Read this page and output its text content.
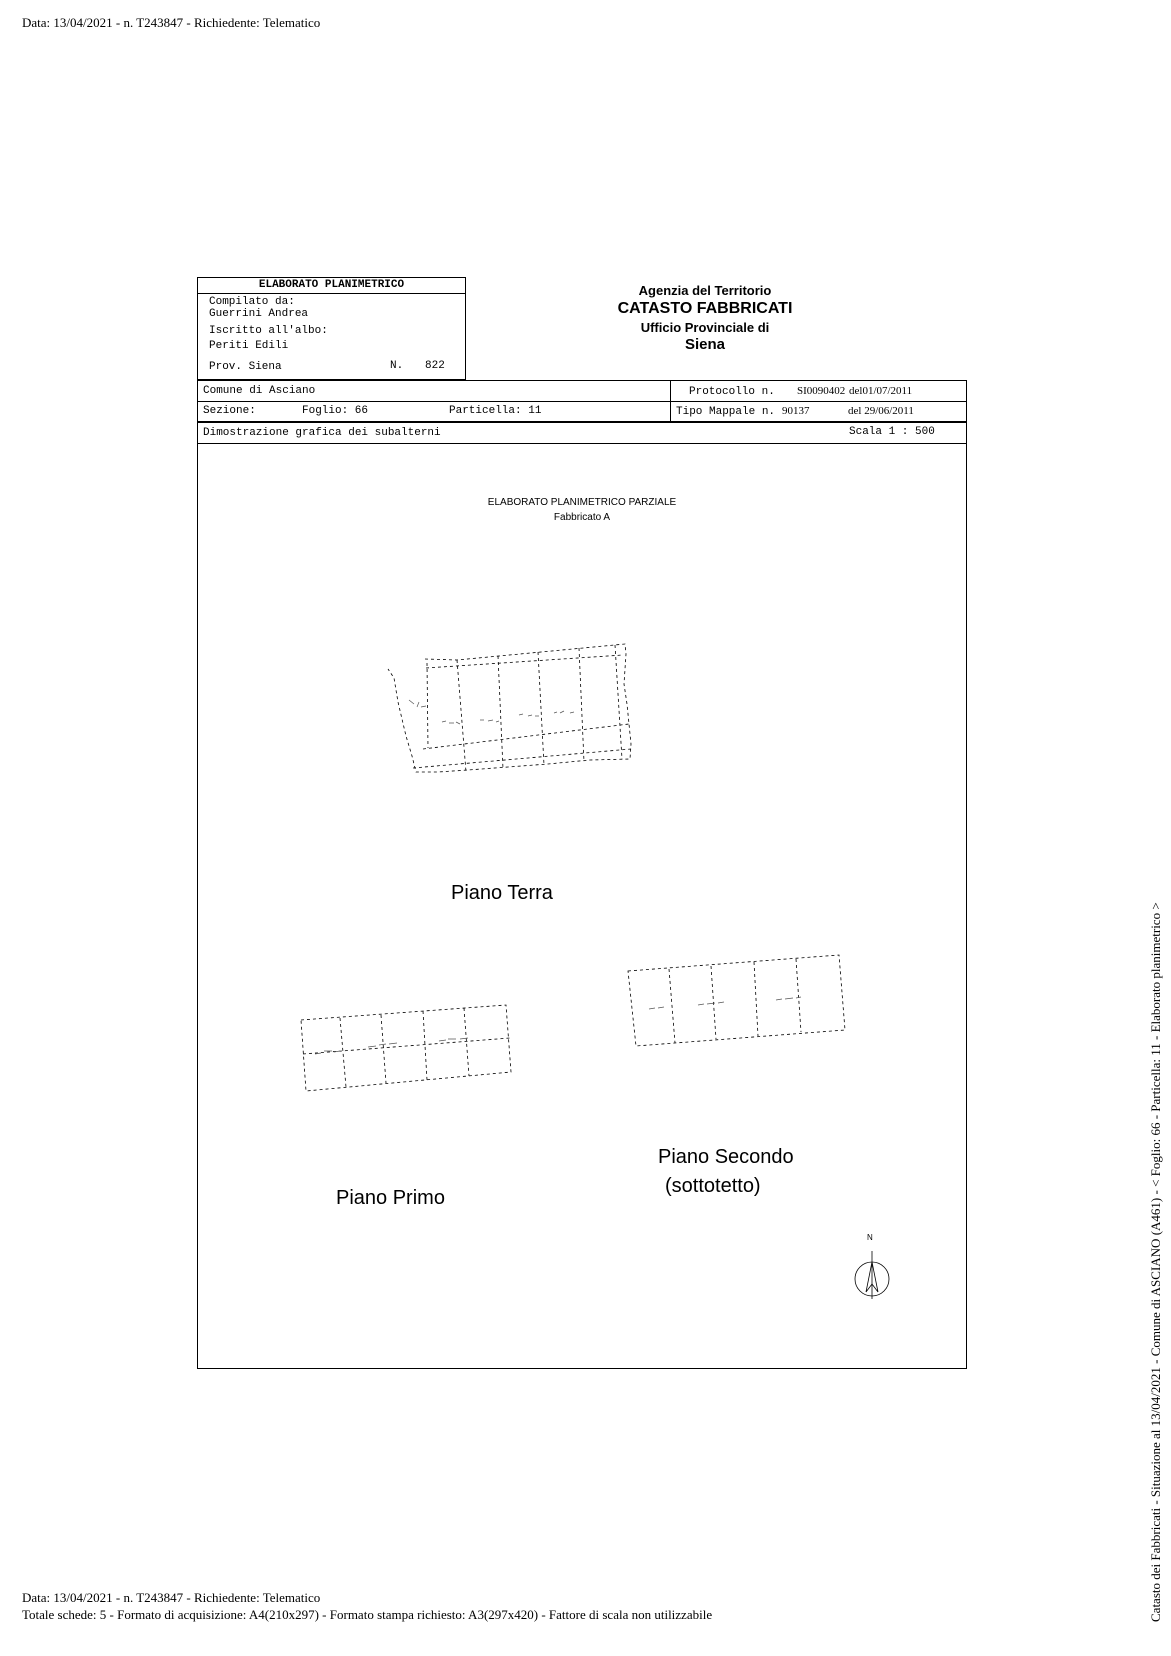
Data: 13/04/2021 - n. T243847 - Richiedente: Telematico
ELABORATO PLANIMETRICO
Compilato da:
Guerrini Andrea
Iscritto all'albo:
Periti Edili
Prov. Siena	N. 822
Agenzia del Territorio
CATASTO FABBRICATI
Ufficio Provinciale di
Siena
Comune di Asciano
Sezione:	Foglio: 66	Particella: 11
Protocollo n. SI0090402 del01/07/2011
Tipo Mappale n. 90137	del 29/06/2011
Dimostrazione grafica dei subalterni	Scala 1 : 500
ELABORATO PLANIMETRICO PARZIALE
Fabbricato A
Piano Terra
Piano Primo
Piano Secondo
(sottotetto)
N	Catasto dei Fabbricati - Situazione al 13/04/2021 - Comune di ASCIANO (A461) - < Foglio: 66 - Particella: 11 - Elaborato planimetrico >
Data: 13/04/2021 - n. T243847 - Richiedente: Telematico
Totale schede: 5 - Formato di acquisizione: A4(210x297) - Formato stampa richiesto: A3(297x420) - Fattore di scala non utilizzabile
